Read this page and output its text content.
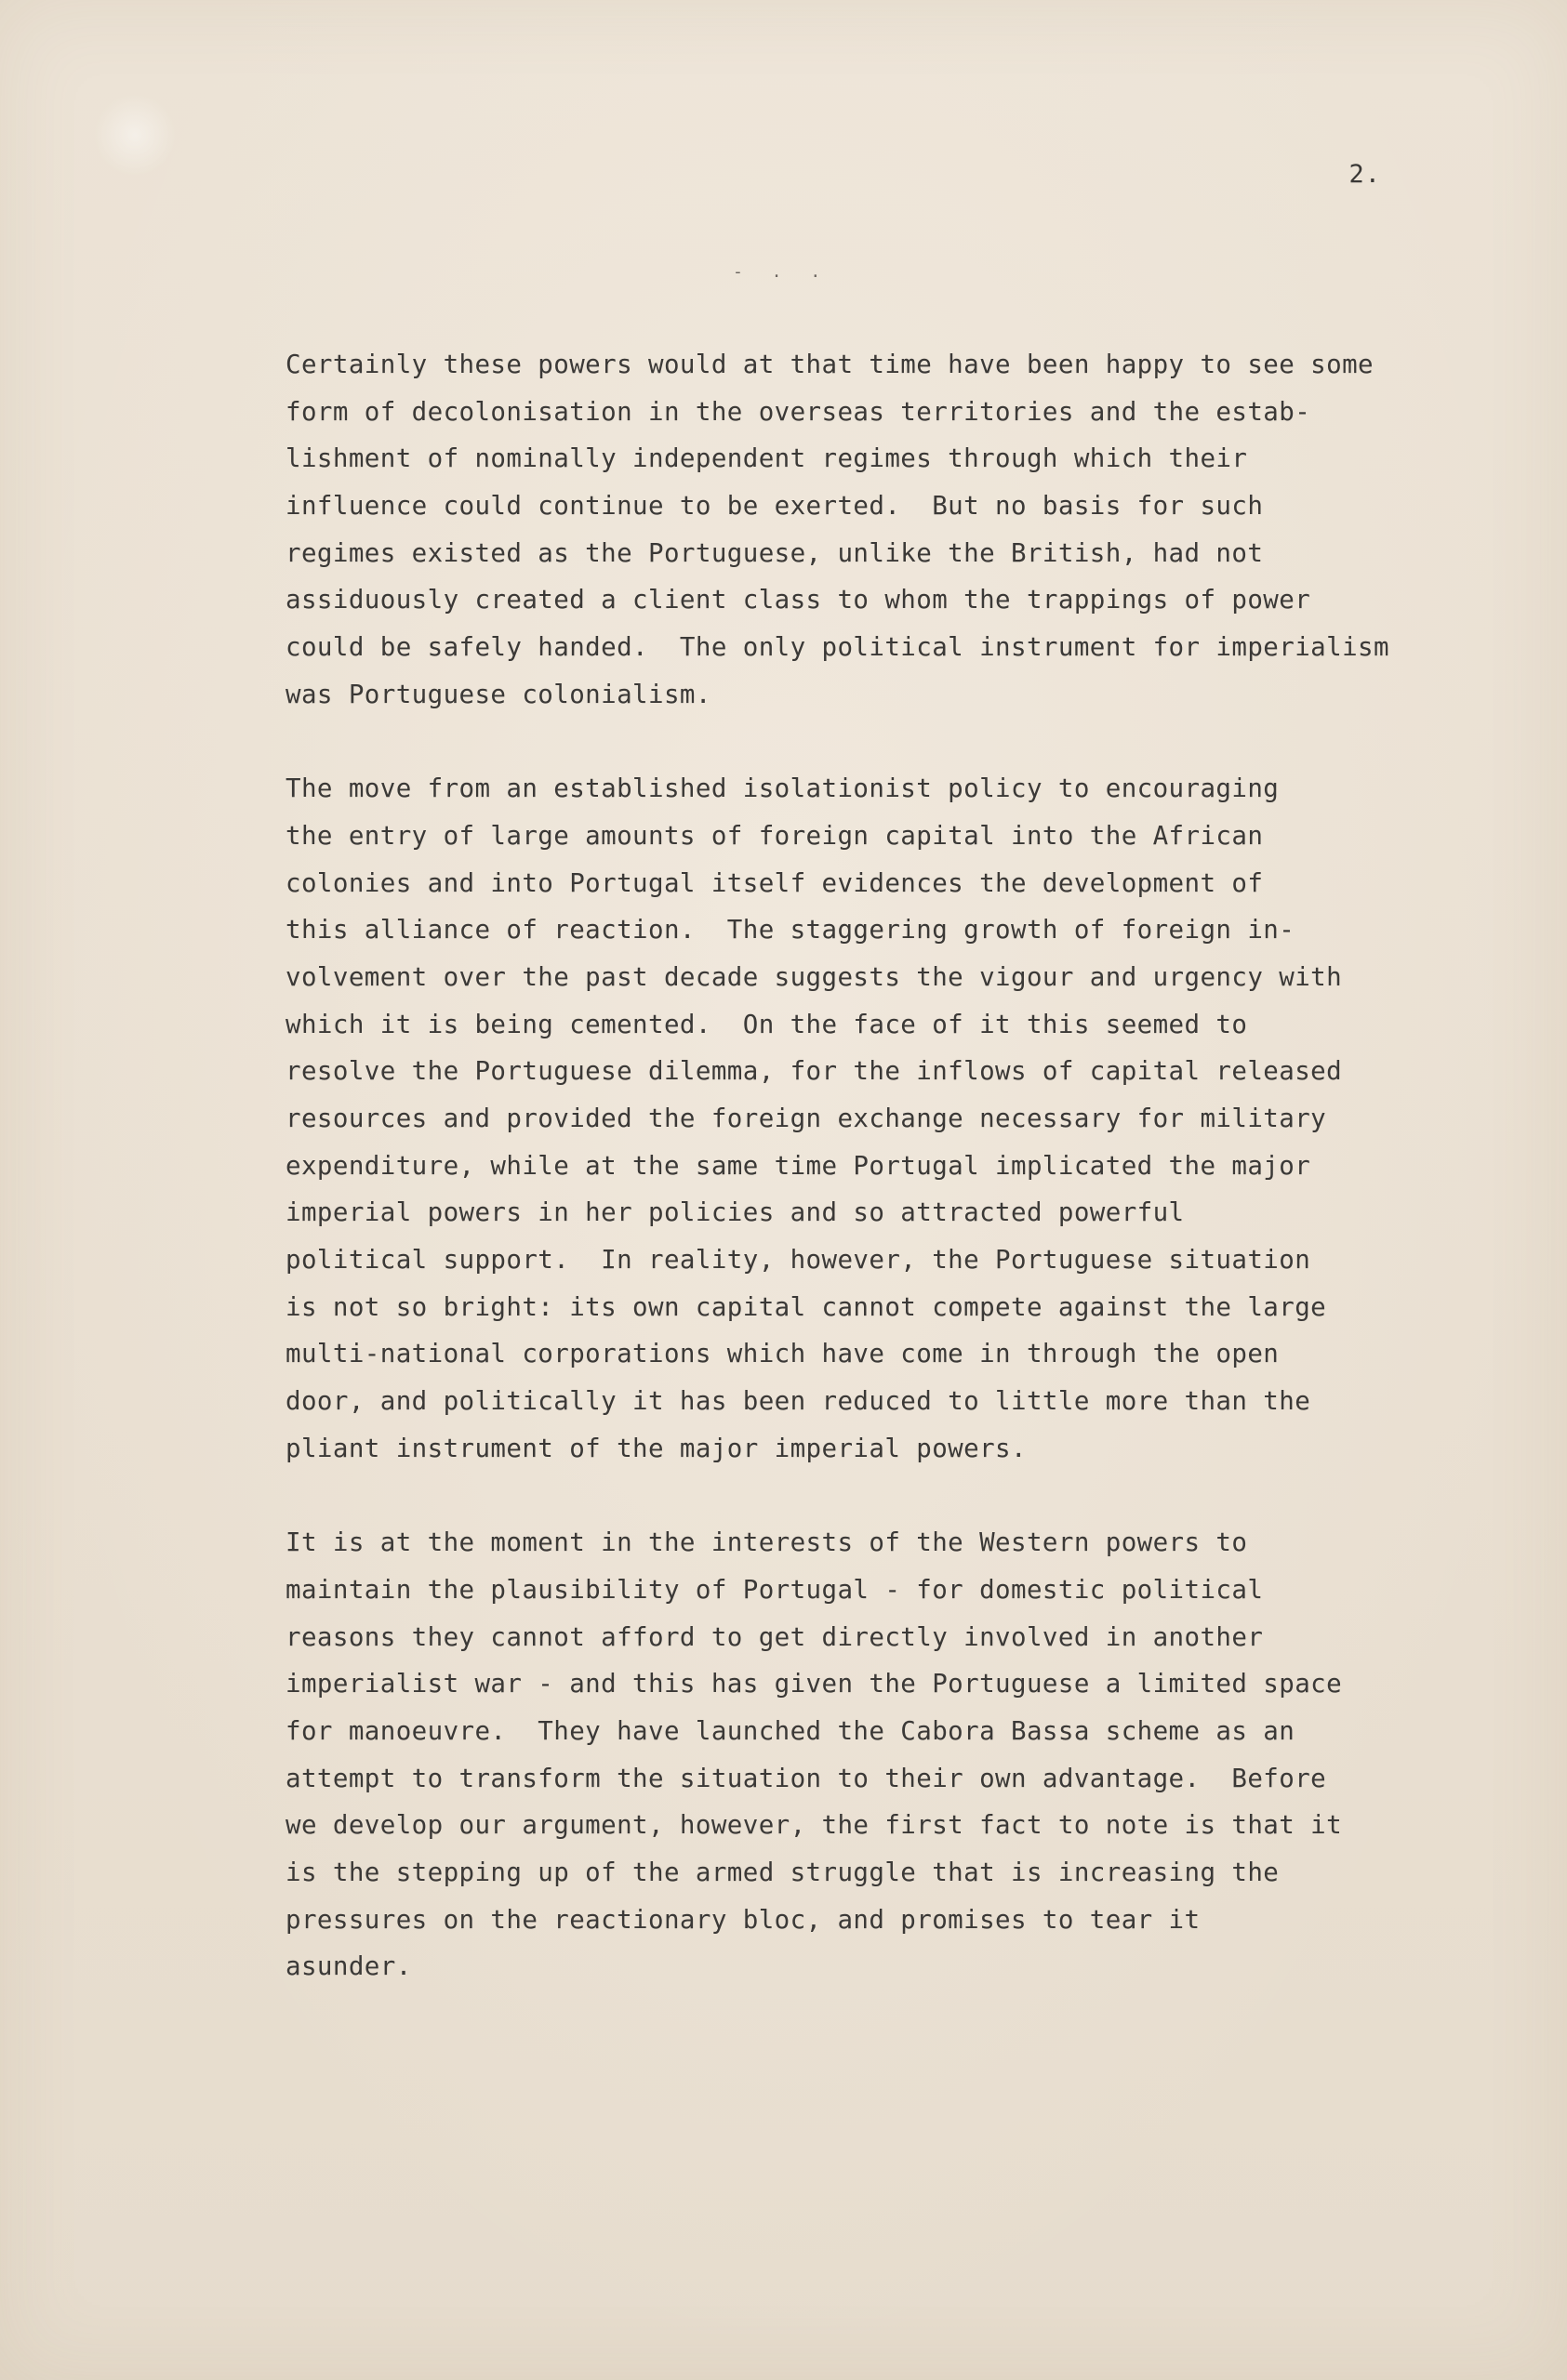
2.
- . .
Certainly these powers would at that time have been happy to see some
form of decolonisation in the overseas territories and the estab-
lishment of nominally independent regimes through which their
influence could continue to be exerted.  But no basis for such
regimes existed as the Portuguese, unlike the British, had not
assiduously created a client class to whom the trappings of power
could be safely handed.  The only political instrument for imperialism
was Portuguese colonialism.
The move from an established isolationist policy to encouraging
the entry of large amounts of foreign capital into the African
colonies and into Portugal itself evidences the development of
this alliance of reaction.  The staggering growth of foreign in-
volvement over the past decade suggests the vigour and urgency with
which it is being cemented.  On the face of it this seemed to
resolve the Portuguese dilemma, for the inflows of capital released
resources and provided the foreign exchange necessary for military
expenditure, while at the same time Portugal implicated the major
imperial powers in her policies and so attracted powerful
political support.  In reality, however, the Portuguese situation
is not so bright: its own capital cannot compete against the large
multi-national corporations which have come in through the open
door, and politically it has been reduced to little more than the
pliant instrument of the major imperial powers.
It is at the moment in the interests of the Western powers to
maintain the plausibility of Portugal - for domestic political
reasons they cannot afford to get directly involved in another
imperialist war - and this has given the Portuguese a limited space
for manoeuvre.  They have launched the Cabora Bassa scheme as an
attempt to transform the situation to their own advantage.  Before
we develop our argument, however, the first fact to note is that it
is the stepping up of the armed struggle that is increasing the
pressures on the reactionary bloc, and promises to tear it
asunder.
